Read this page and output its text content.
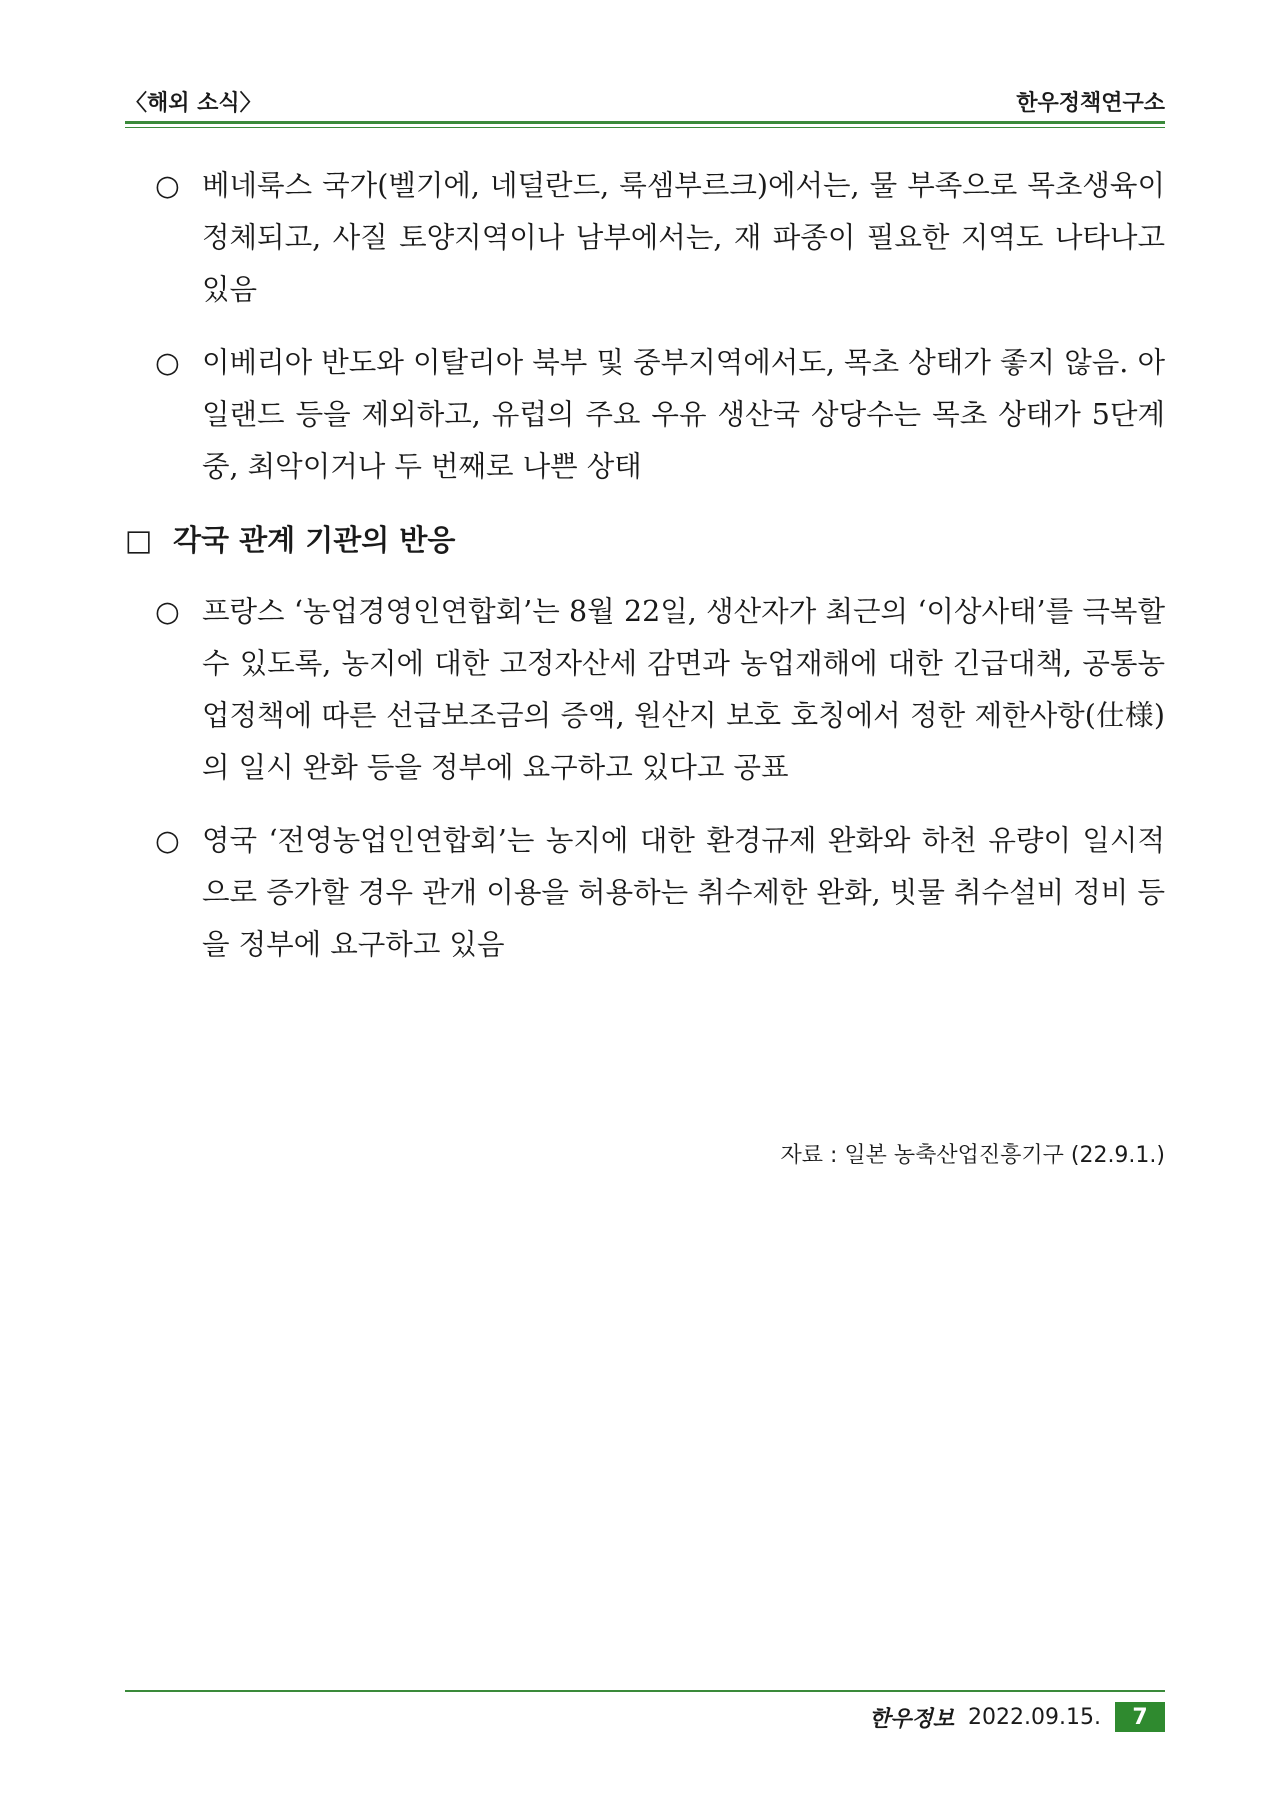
〈해외 소식〉	한우정책연구소
○ 베네룩스 국가(벨기에, 네덜란드, 룩셈부르크)에서는, 물 부족으로 목초생육이 정체되고, 사질 토양지역이나 남부에서는, 재 파종이 필요한 지역도 나타나고 있음
○ 이베리아 반도와 이탈리아 북부 및 중부지역에서도, 목초 상태가 좋지 않음. 아일랜드 등을 제외하고, 유럽의 주요 우유 생산국 상당수는 목초 상태가 5단계 중, 최악이거나 두 번째로 나쁜 상태
□ 각국 관계 기관의 반응
○ 프랑스 ‘농업경영인연합회’는 8월 22일, 생산자가 최근의 ‘이상사태’를 극복할 수 있도록, 농지에 대한 고정자산세 감면과 농업재해에 대한 긴급대책, 공통농업정책에 따른 선급보조금의 증액, 원산지 보호 호칭에서 정한 제한사항(仕様)의 일시 완화 등을 정부에 요구하고 있다고 공표
○ 영국 ‘전영농업인연합회’는 농지에 대한 환경규제 완화와 하천 유량이 일시적으로 증가할 경우 관개 이용을 허용하는 취수제한 완화, 빗물 취수설비 정비 등을 정부에 요구하고 있음
자료 : 일본 농축산업진흥기구 (22.9.1.)
한우정보 2022.09.15.	7
